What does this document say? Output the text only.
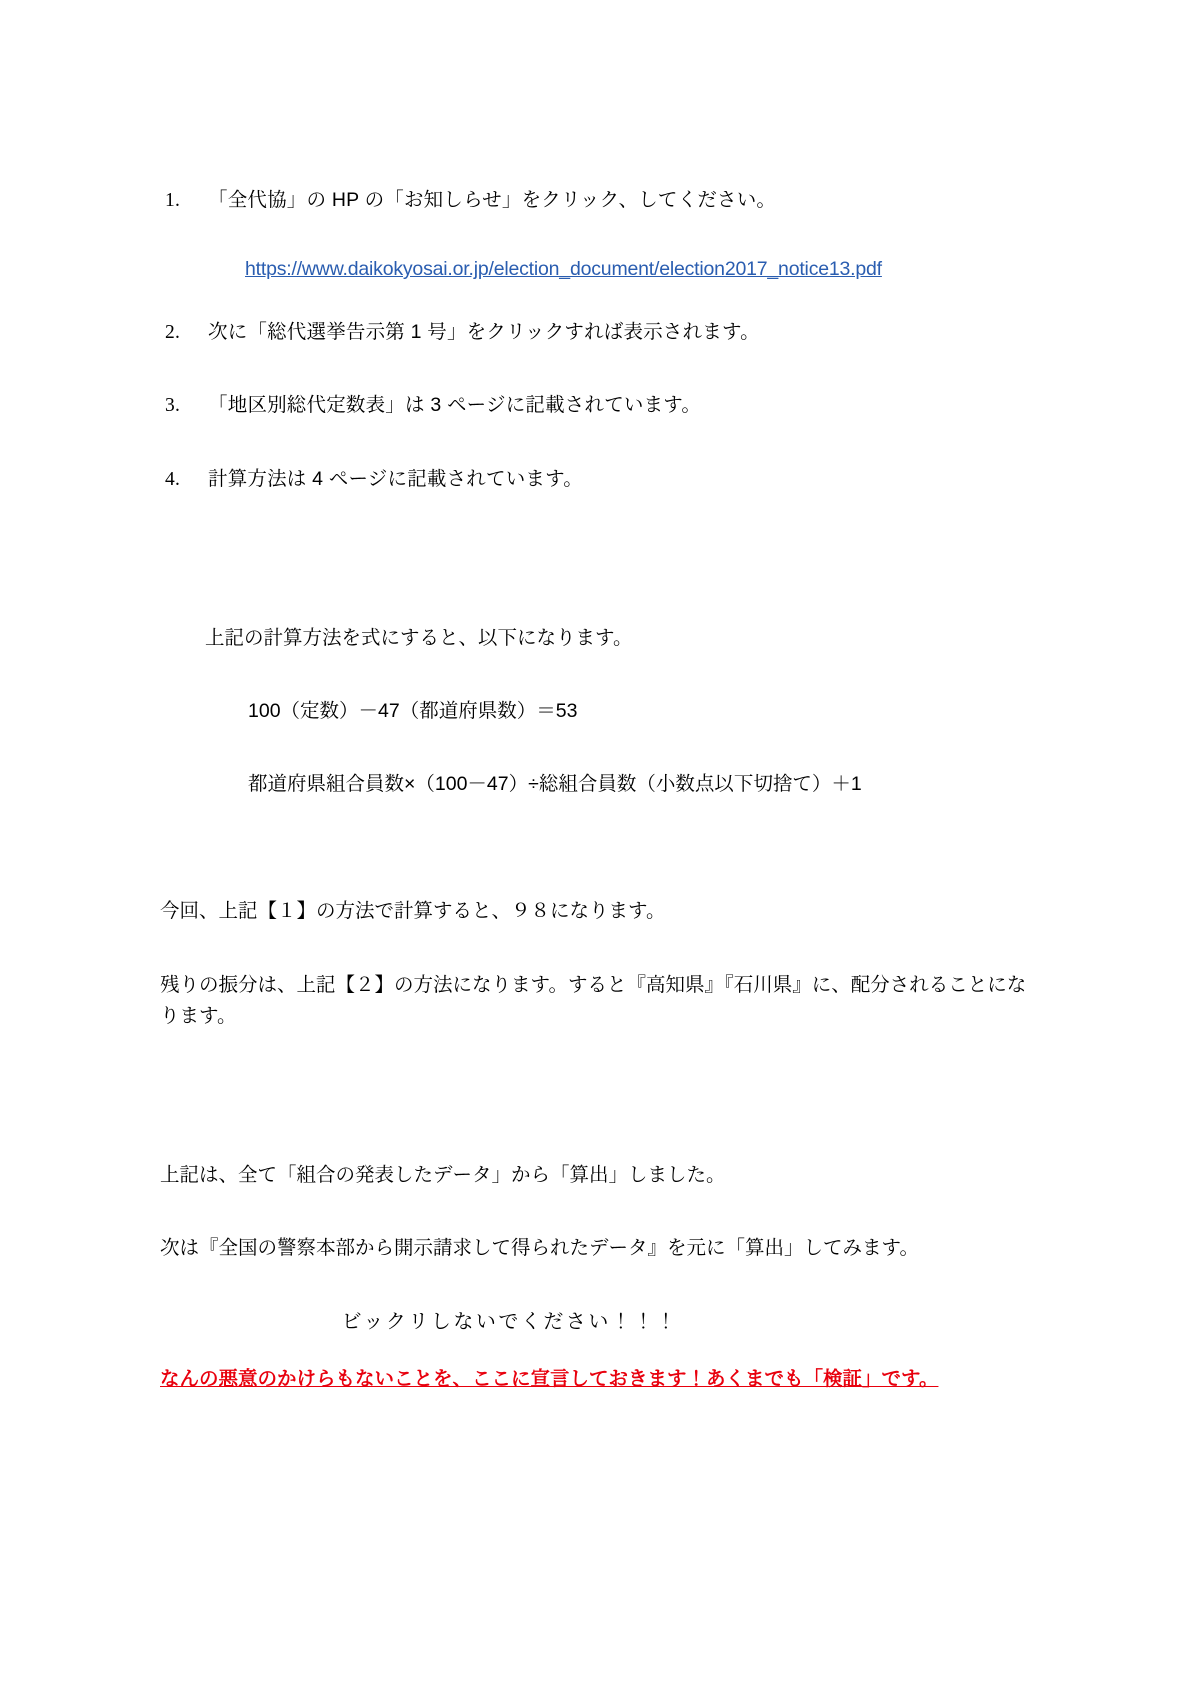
1. 「全代協」の HP の「お知しらせ」をクリック、してください。
https://www.daikokyosai.or.jp/election_document/election2017_notice13.pdf
2. 次に「総代選挙告示第 1 号」をクリックすれば表示されます。
3. 「地区別総代定数表」は 3 ページに記載されています。
4. 計算方法は 4 ページに記載されています。
上記の計算方法を式にすると、以下になります。
100（定数）－47（都道府県数）＝53
都道府県組合員数×（100－47）÷総組合員数（小数点以下切捨て）＋1
今回、上記【１】の方法で計算すると、９８になります。
残りの振分は、上記【２】の方法になります。すると『高知県』『石川県』に、配分されることになります。
上記は、全て「組合の発表したデータ」から「算出」しました。
次は『全国の警察本部から開示請求して得られたデータ』を元に「算出」してみます。
ビックリしないでください！！！
なんの悪意のかけらもないことを、ここに宣言しておきます！あくまでも「検証」です。
